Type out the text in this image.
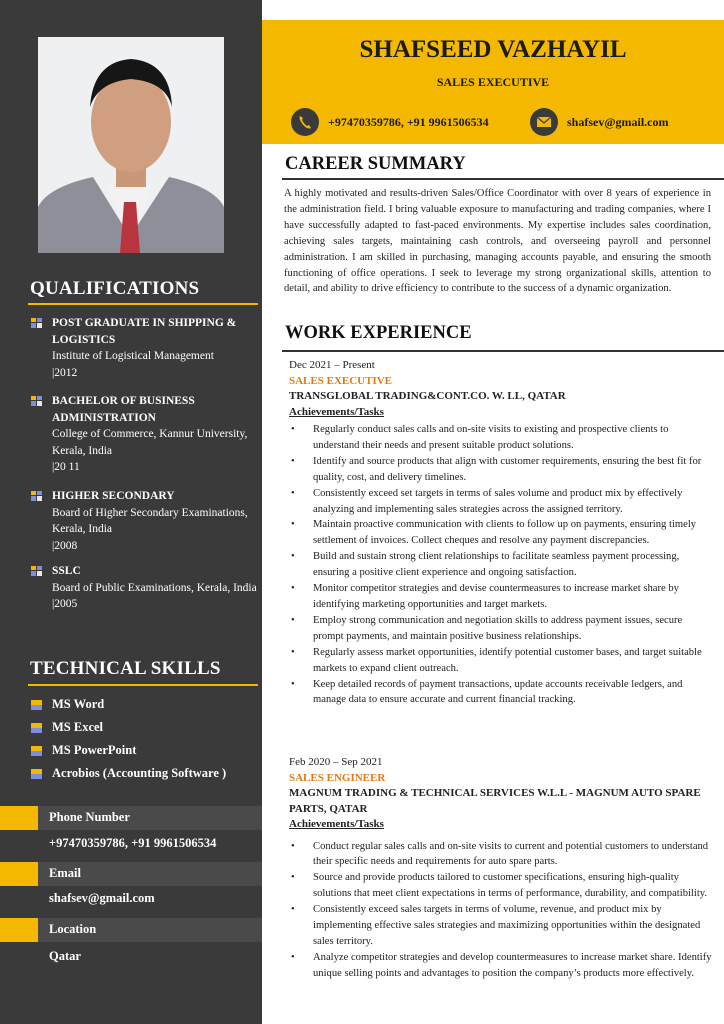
QUALIFICATIONS
POST GRADUATE IN SHIPPING & LOGISTICS
Institute of Logistical Management
|2012
BACHELOR OF BUSINESS ADMINISTRATION
College of Commerce, Kannur University, Kerala, India
|20 11
HIGHER SECONDARY
Board of Higher Secondary Examinations, Kerala, India
|2008
SSLC
Board of Public Examinations, Kerala, India
|2005
TECHNICAL SKILLS
MS Word
MS Excel
MS PowerPoint
Acrobios (Accounting Software )
Phone Number
+97470359786, +91 9961506534
Email
shafsev@gmail.com
Location
Qatar
SHAFSEED VAZHAYIL
SALES EXECUTIVE
+97470359786, +91 9961506534	shafsev@gmail.com
CAREER SUMMARY
A highly motivated and results-driven Sales/Office Coordinator with over 8 years of experience in the administration field. I bring valuable exposure to manufacturing and trading companies, where I have successfully adapted to fast-paced environments. My expertise includes sales coordination, achieving sales targets, maintaining cash controls, and overseeing payroll and personnel administration. I am skilled in purchasing, managing accounts payable, and ensuring the smooth functioning of office operations. I seek to leverage my strong organizational skills, attention to detail, and ability to drive efficiency to contribute to the success of a dynamic organization.
WORK EXPERIENCE
Dec 2021 – Present
SALES EXECUTIVE
TRANSGLOBAL TRADING&CONT.CO. W. LL, QATAR
Achievements/Tasks
• Regularly conduct sales calls and on-site visits to existing and prospective clients to understand their needs and present suitable product solutions.
• Identify and source products that align with customer requirements, ensuring the best fit for quality, cost, and delivery timelines.
• Consistently exceed set targets in terms of sales volume and product mix by effectively analyzing and implementing sales strategies across the assigned territory.
• Maintain proactive communication with clients to follow up on payments, ensuring timely settlement of invoices. Collect cheques and resolve any payment discrepancies.
• Build and sustain strong client relationships to facilitate seamless payment processing, ensuring a positive client experience and ongoing satisfaction.
• Monitor competitor strategies and devise countermeasures to increase market share by identifying marketing opportunities and target markets.
• Employ strong communication and negotiation skills to address payment issues, secure prompt payments, and maintain positive business relationships.
• Regularly assess market opportunities, identify potential customer bases, and target suitable markets to expand client outreach.
• Keep detailed records of payment transactions, update accounts receivable ledgers, and manage data to ensure accurate and current financial tracking.
Feb 2020 – Sep 2021
SALES ENGINEER
MAGNUM TRADING & TECHNICAL SERVICES W.L.L - MAGNUM AUTO SPARE PARTS, QATAR
Achievements/Tasks
• Conduct regular sales calls and on-site visits to current and potential customers to understand their specific needs and requirements for auto spare parts.
• Source and provide products tailored to customer specifications, ensuring high-quality solutions that meet client expectations in terms of performance, durability, and compatibility.
• Consistently exceed sales targets in terms of volume, revenue, and product mix by implementing effective sales strategies and maximizing opportunities within the designated sales territory.
• Analyze competitor strategies and develop countermeasures to increase market share. Identify unique selling points and advantages to position the company’s products more effectively.
